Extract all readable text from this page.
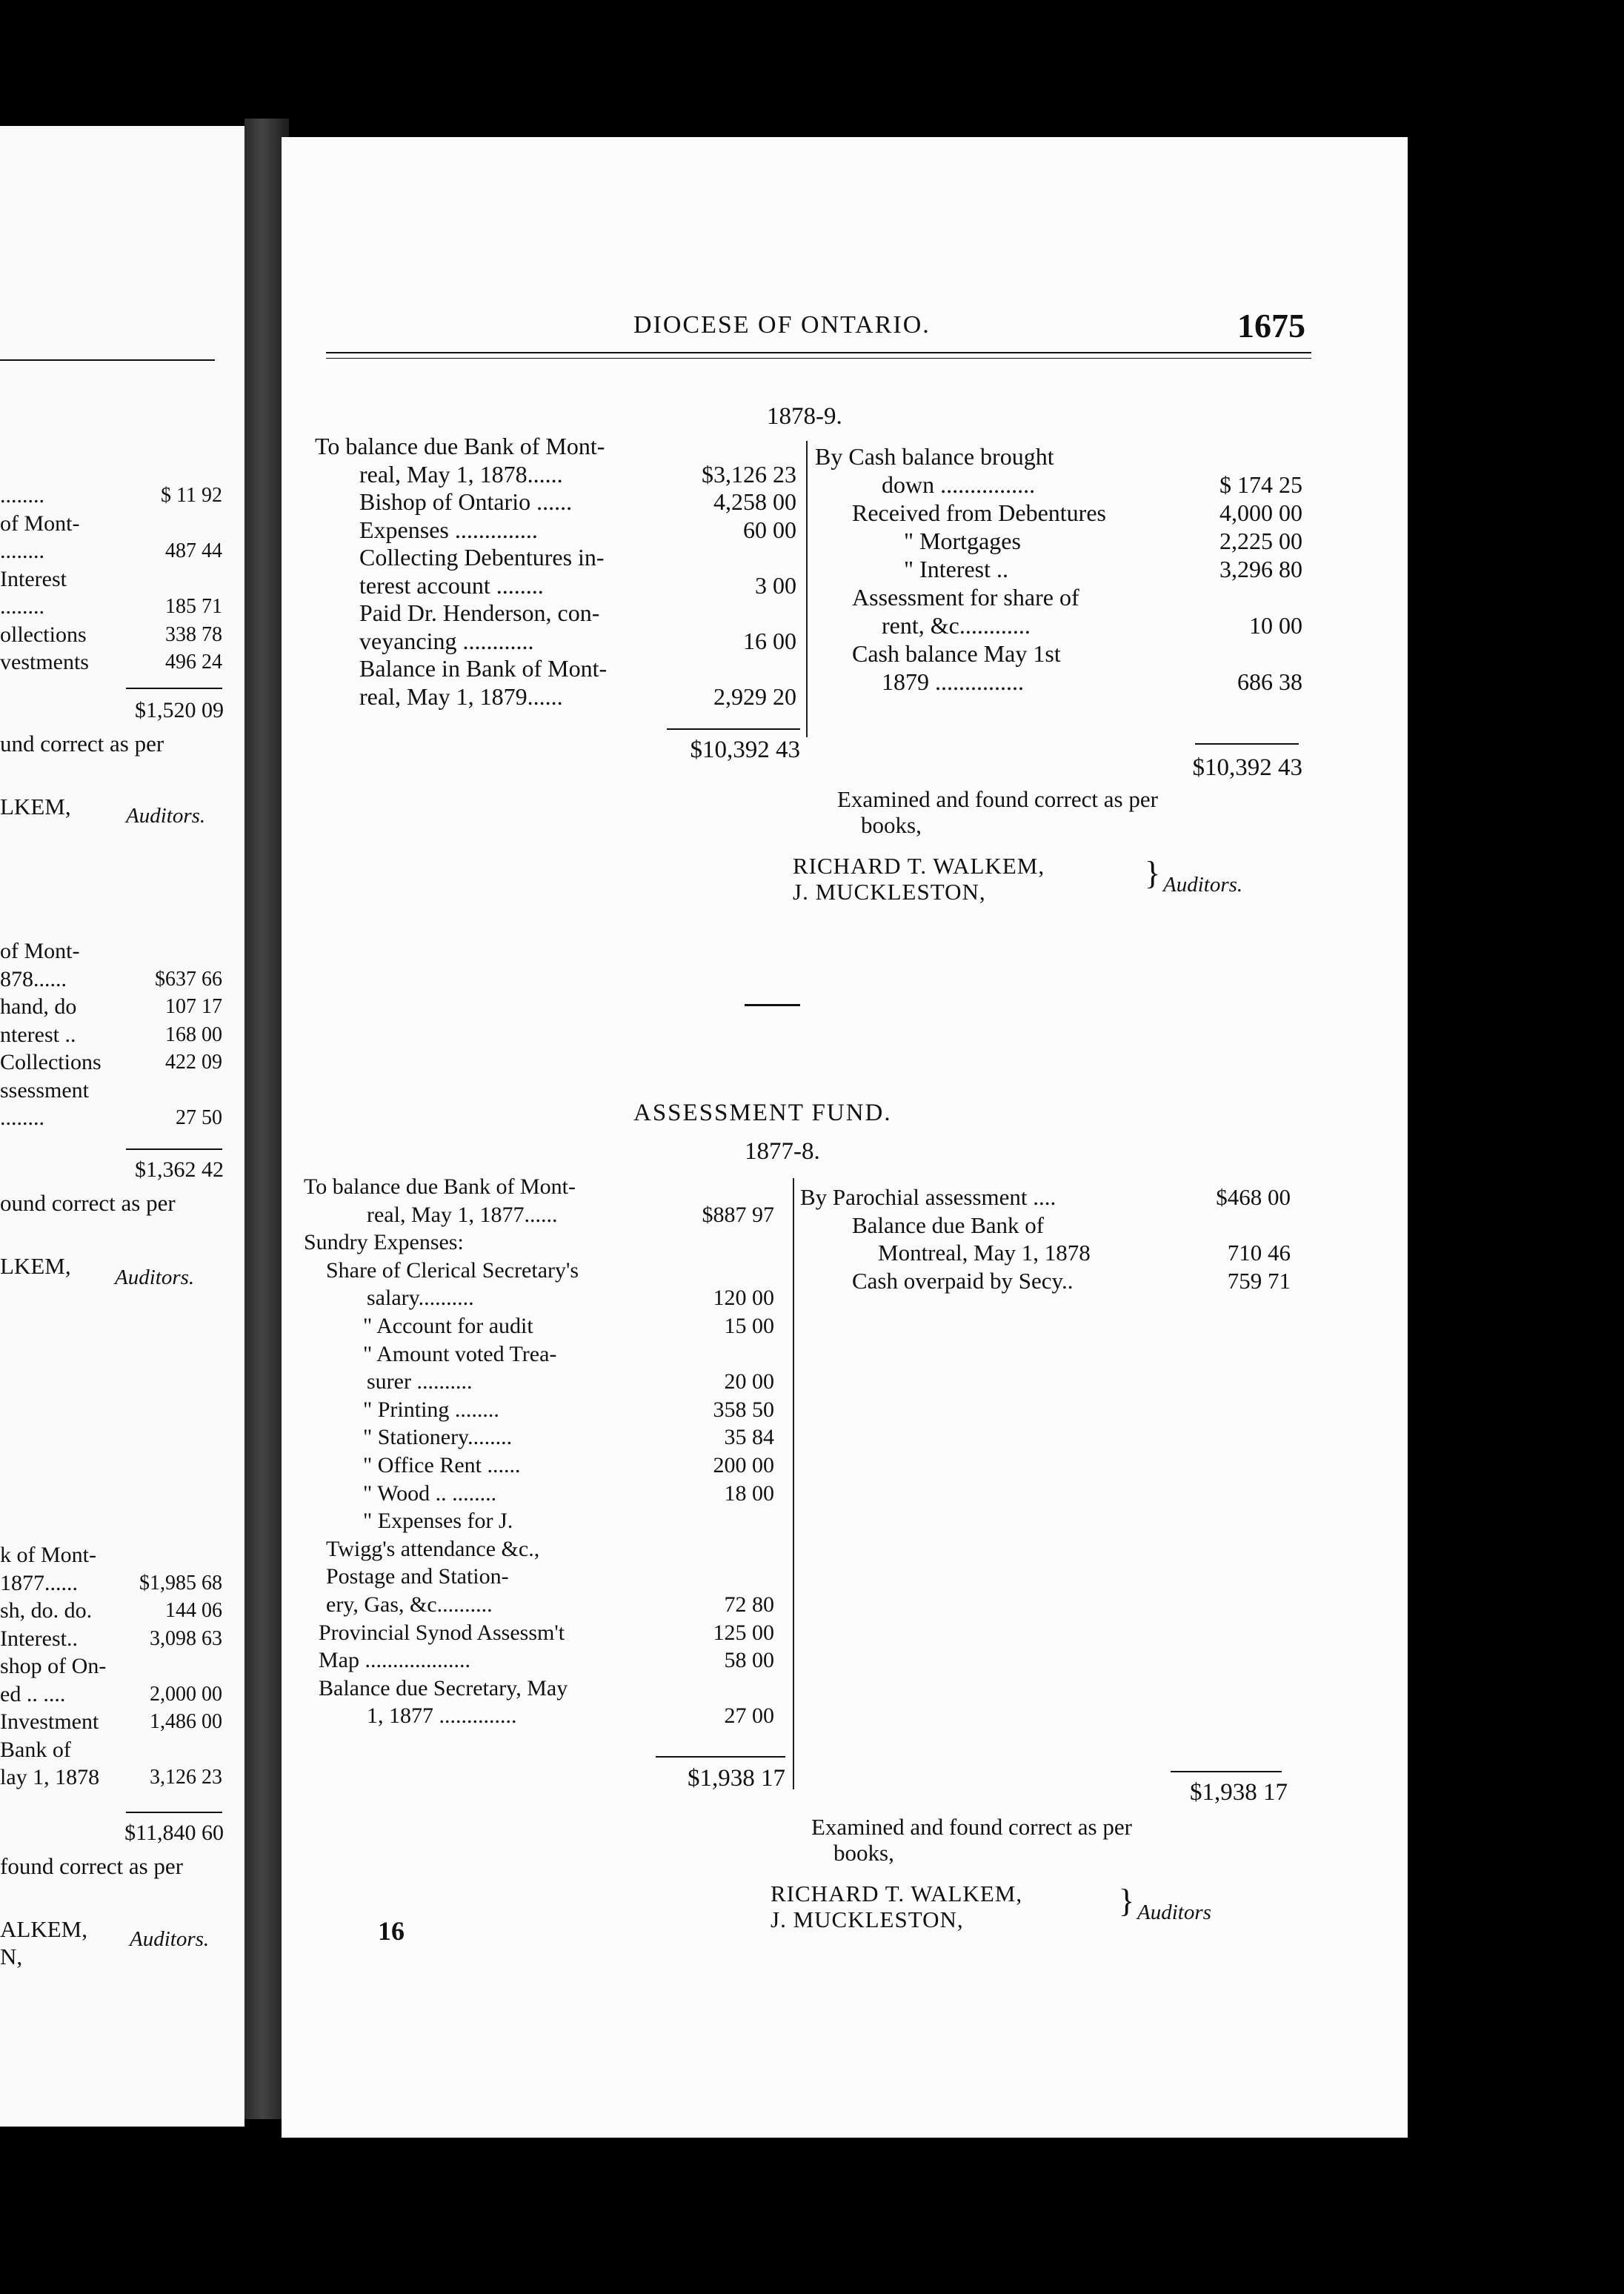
........	$ 11 92
of Mont-
........	487 44
Interest
........	185 71
ollections	338 78
vestments	496 24
of Mont-
878......	$637 66
hand, do	107 17
nterest ..	168 00
Collections	422 09
ssessment
........	27 50
k of Mont-
1877......	$1,985 68
sh, do. do.	144 06
Interest..	3,098 63
shop of On-
ed .. ....	2,000 00
Investment	1,486 00
Bank of
lay 1, 1878	3,126 23
$1,520 09
und correct as per
LKEM,	Auditors.
$1,362 42
ound correct as per
LKEM, Auditors.
$11,840 60
found correct as per
ALKEM,
N,
Auditors.
DIOCESE OF ONTARIO.	1675
1878-9.
To balance due Bank of Mont-
real, May 1, 1878......	$3,126 23
Bishop of Ontario ......	4,258 00
Expenses ..............	60 00
Collecting Debentures in-
terest account ........	3 00
Paid Dr. Henderson, con-
veyancing ............	16 00
Balance in Bank of Mont-
real, May 1, 1879......	2,929 20
By Cash balance brought
down ................	$ 174 25
Received from Debentures	4,000 00
" Mortgages	2,225 00
" Interest ..	3,296 80
Assessment for share of
rent, &c............	10 00
Cash balance May 1st
1879 ...............	686 38
$10,392 43
$10,392 43
Examined and found correct as per
books,
RICHARD T. WALKEM,
J. MUCKLESTON,
} Auditors.
ASSESSMENT FUND.
1877-8.
To balance due Bank of Mont-
real, May 1, 1877......	$887 97
Sundry Expenses:
Share of Clerical Secretary's
salary..........	120 00
" Account for audit	15 00
" Amount voted Trea-
surer ..........	20 00
" Printing ........	358 50
" Stationery........	35 84
" Office Rent ......	200 00
" Wood .. ........	18 00
" Expenses for J.
Twigg's attendance &c.,
Postage and Station-
ery, Gas, &c..........	72 80
Provincial Synod Assessm't	125 00
Map ...................	58 00
Balance due Secretary, May
1, 1877 ..............	27 00
By Parochial assessment ....	$468 00
Balance due Bank of
Montreal, May 1, 1878	710 46
Cash overpaid by Secy..	759 71
$1,938 17
$1,938 17
Examined and found correct as per
books,
RICHARD T. WALKEM,
J. MUCKLESTON,
} Auditors
16
